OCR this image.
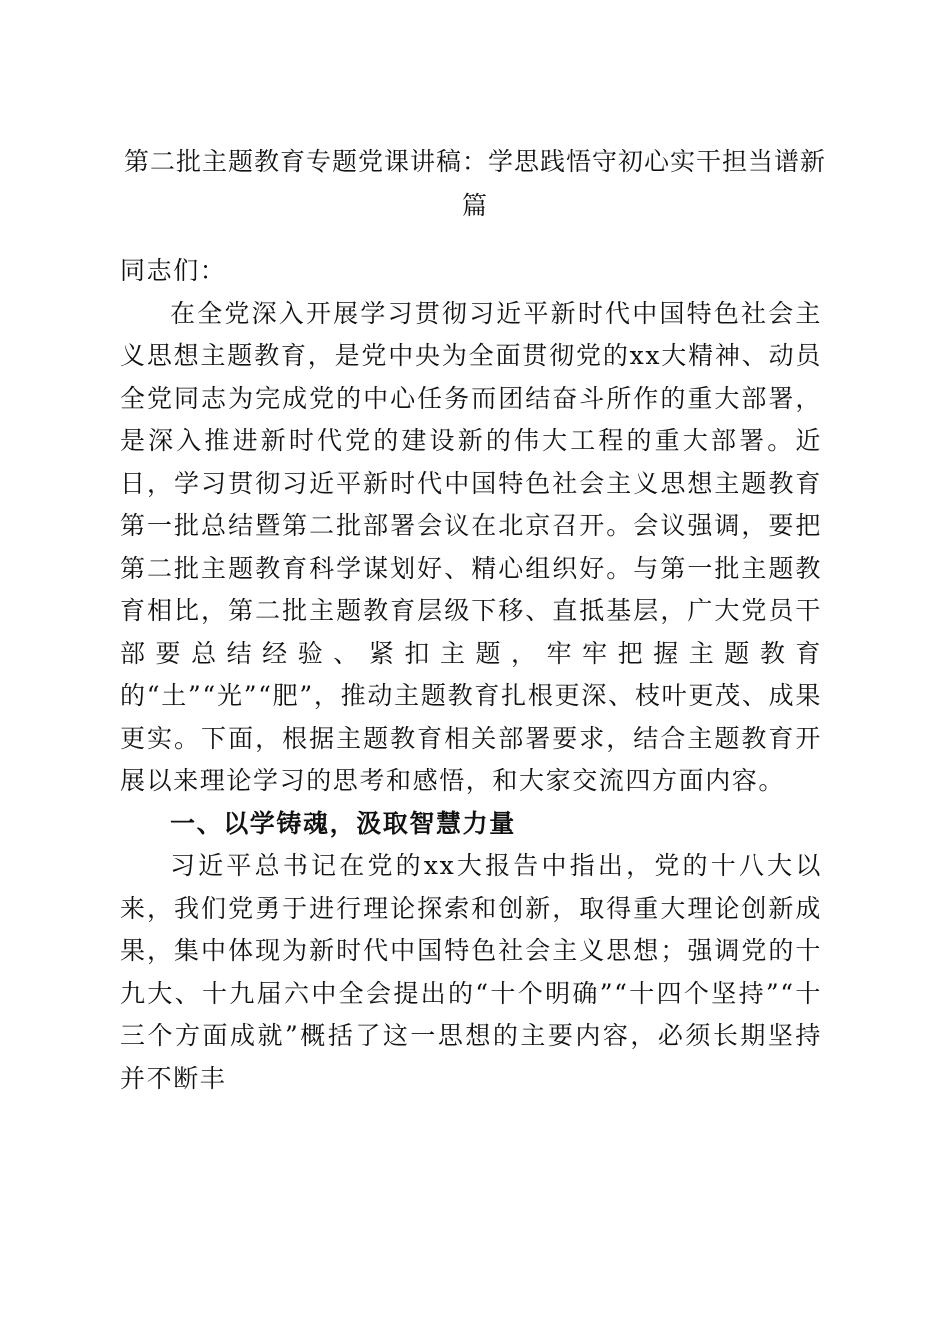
第二批主题教育专题党课讲稿：学思践悟守初心实干担当谱新篇

同志们：

在全党深入开展学习贯彻习近平新时代中国特色社会主义思想主题教育，是党中央为全面贯彻党的xx大精神、动员全党同志为完成党的中心任务而团结奋斗所作的重大部署，是深入推进新时代党的建设新的伟大工程的重大部署。近日，学习贯彻习近平新时代中国特色社会主义思想主题教育第一批总结暨第二批部署会议在北京召开。会议强调，要把第二批主题教育科学谋划好、精心组织好。与第一批主题教育相比，第二批主题教育层级下移、直抵基层，广大党员干部要总结经验、紧扣主题，牢牢把握主题教育的“土”“光”“肥”，推动主题教育扎根更深、枝叶更茂、成果更实。下面，根据主题教育相关部署要求，结合主题教育开展以来理论学习的思考和感悟，和大家交流四方面内容。

一、以学铸魂，汲取智慧力量

习近平总书记在党的xx大报告中指出，党的十八大以来，我们党勇于进行理论探索和创新，取得重大理论创新成果，集中体现为新时代中国特色社会主义思想；强调党的十九大、十九届六中全会提出的“十个明确”“十四个坚持”“十三个方面成就”概括了这一思想的主要内容，必须长期坚持并不断丰
